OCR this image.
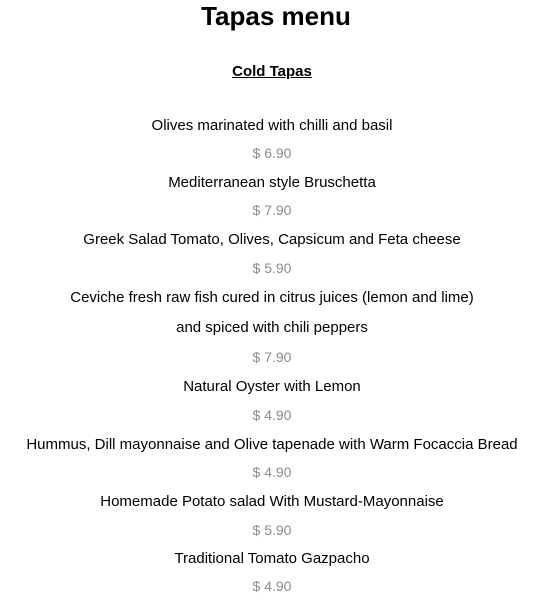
Tapas menu
Cold Tapas
Olives marinated with chilli and basil
$ 6.90
Mediterranean style Bruschetta
$ 7.90
Greek Salad Tomato, Olives, Capsicum and Feta cheese
$ 5.90
Ceviche fresh raw fish cured in citrus juices (lemon and lime)
and spiced with chili peppers
$ 7.90
Natural Oyster with Lemon
$ 4.90
Hummus, Dill mayonnaise and Olive tapenade with Warm Focaccia Bread
$ 4.90
Homemade Potato salad With Mustard-Mayonnaise
$ 5.90
Traditional Tomato Gazpacho
$ 4.90
